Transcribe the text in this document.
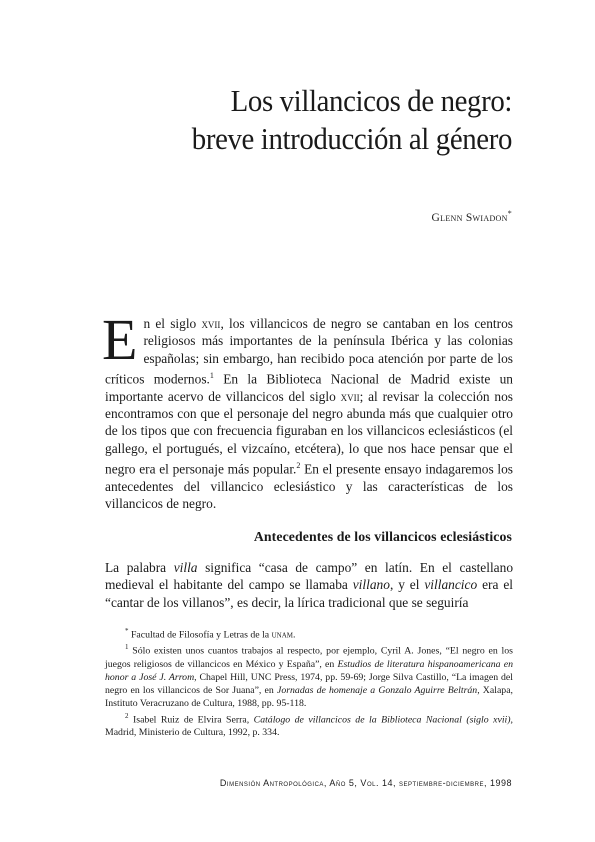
Los villancicos de negro:
breve introducción al género
Glenn Swiadon*

En el siglo xvii, los villancicos de negro se cantaban en los centros religiosos más importantes de la península Ibérica y las colonias españolas; sin embargo, han recibido poca atención por parte de los críticos modernos.$^1$ En la Biblioteca Nacional de Madrid existe un importante acervo de villancicos del siglo xvii; al revisar la colección nos encontramos con que el personaje del negro abunda más que cualquier otro de los tipos que con frecuencia figuraban en los villancicos eclesiásticos (el gallego, el portugués, el vizcaíno, etcétera), lo que nos hace pensar que el negro era el personaje más popular.$^2$ En el presente ensayo indagaremos los antecedentes del villancico eclesiástico y las características de los villancicos de negro.

Antecedentes de los villancicos eclesiásticos

La palabra villa significa “casa de campo” en latín. En el castellano medieval el habitante del campo se llamaba villano, y el villancico era el “cantar de los villanos”, es decir, la lírica tradicional que se seguiría

* Facultad de Filosofía y Letras de la unam.

$^1$ Sólo existen unos cuantos trabajos al respecto, por ejemplo, Cyril A. Jones, “El negro en los juegos religiosos de villancicos en México y España”, en Estudios de literatura hispanoamericana en honor a José J. Arrom, Chapel Hill, UNC Press, 1974, pp. 59-69; Jorge Silva Castillo, “La imagen del negro en los villancicos de Sor Juana”, en Jornadas de homenaje a Gonzalo Aguirre Beltrán, Xalapa, Instituto Veracruzano de Cultura, 1988, pp. 95-118.

$^2$ Isabel Ruiz de Elvira Serra, Catálogo de villancicos de la Biblioteca Nacional (siglo xvii), Madrid, Ministerio de Cultura, 1992, p. 334.

Dimensión Antropológica, Año 5, Vol. 14, septiembre-diciembre, 1998
